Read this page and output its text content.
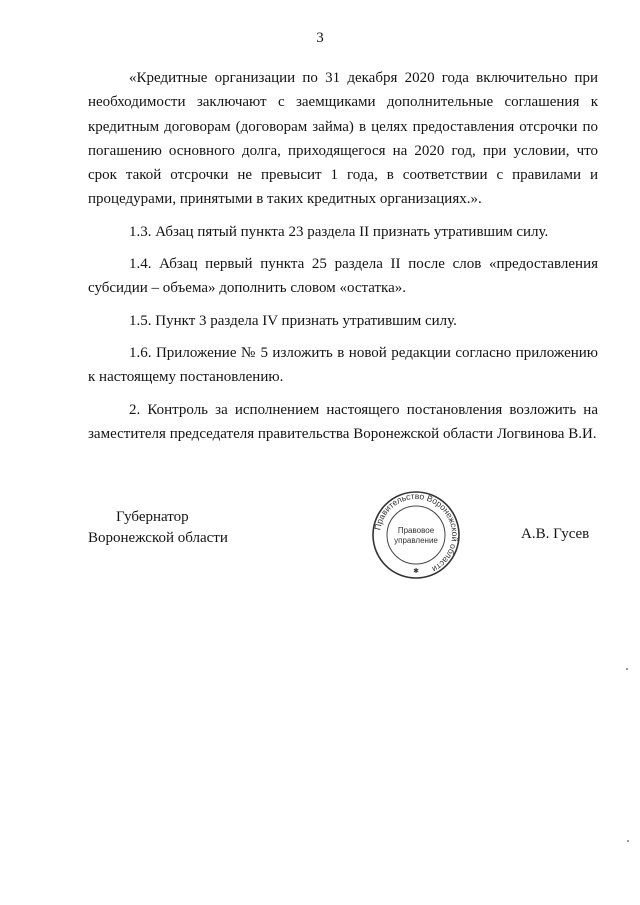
3

«Кредитные организации по 31 декабря 2020 года включительно при необходимости заключают с заемщиками дополнительные соглашения к кредитным договорам (договорам займа) в целях предоставления отсрочки по погашению основного долга, приходящегося на 2020 год, при условии, что срок такой отсрочки не превысит 1 года, в соответствии с правилами и процедурами, принятыми в таких кредитных организациях.».

1.3. Абзац пятый пункта 23 раздела II признать утратившим силу.

1.4. Абзац первый пункта 25 раздела II после слов «предоставления субсидии – объема» дополнить словом «остатка».

1.5. Пункт 3 раздела IV признать утратившим силу.

1.6. Приложение № 5 изложить в новой редакции согласно приложению к настоящему постановлению.

2. Контроль за исполнением настоящего постановления возложить на заместителя председателя правительства Воронежской области Логвинова В.И.

Губернатор
Воронежской области
Правительство Воронежской области
Правовое
управление
✱
А.В. Гусев
